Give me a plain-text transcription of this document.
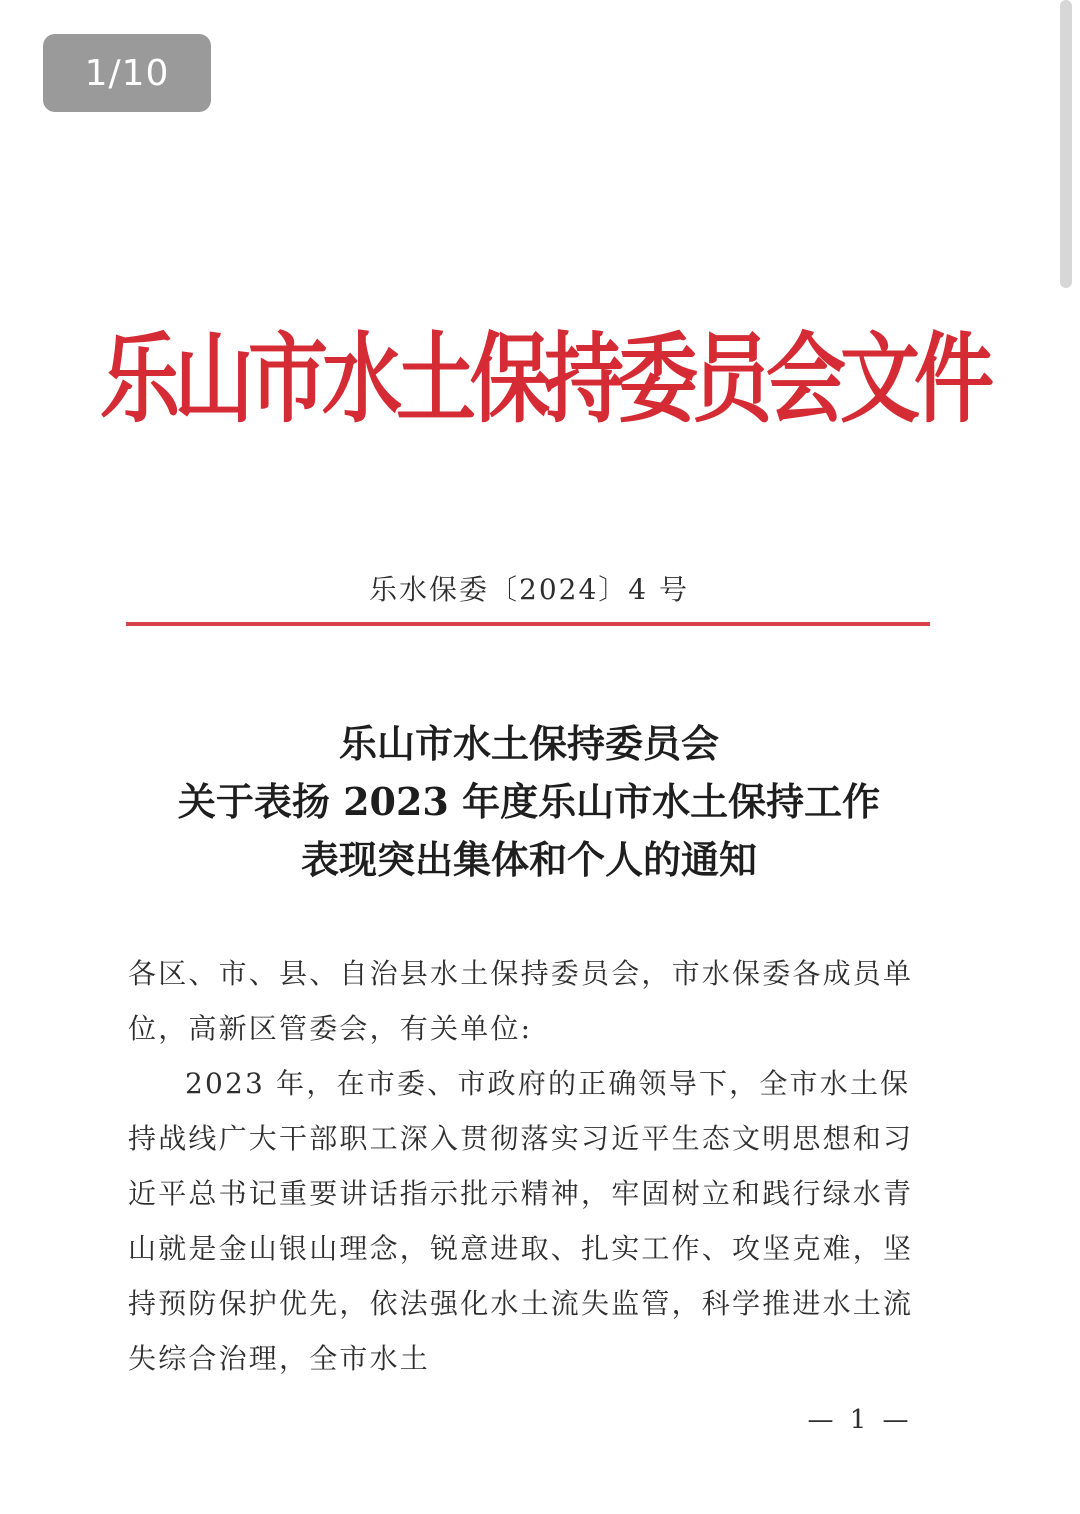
乐山市水土保持委员会文件
乐水保委〔2024〕4 号
乐山市水土保持委员会
关于表扬 2023 年度乐山市水土保持工作
表现突出集体和个人的通知

各区、市、县、自治县水土保持委员会，市水保委各成员单位，高新区管委会，有关单位:

2023 年，在市委、市政府的正确领导下，全市水土保持战线广大干部职工深入贯彻落实习近平生态文明思想和习近平总书记重要讲话指示批示精神，牢固树立和践行绿水青山就是金山银山理念，锐意进取、扎实工作、攻坚克难，坚持预防保护优先，依法强化水土流失监管，科学推进水土流失综合治理，全市水土

— 1 —
1/10
